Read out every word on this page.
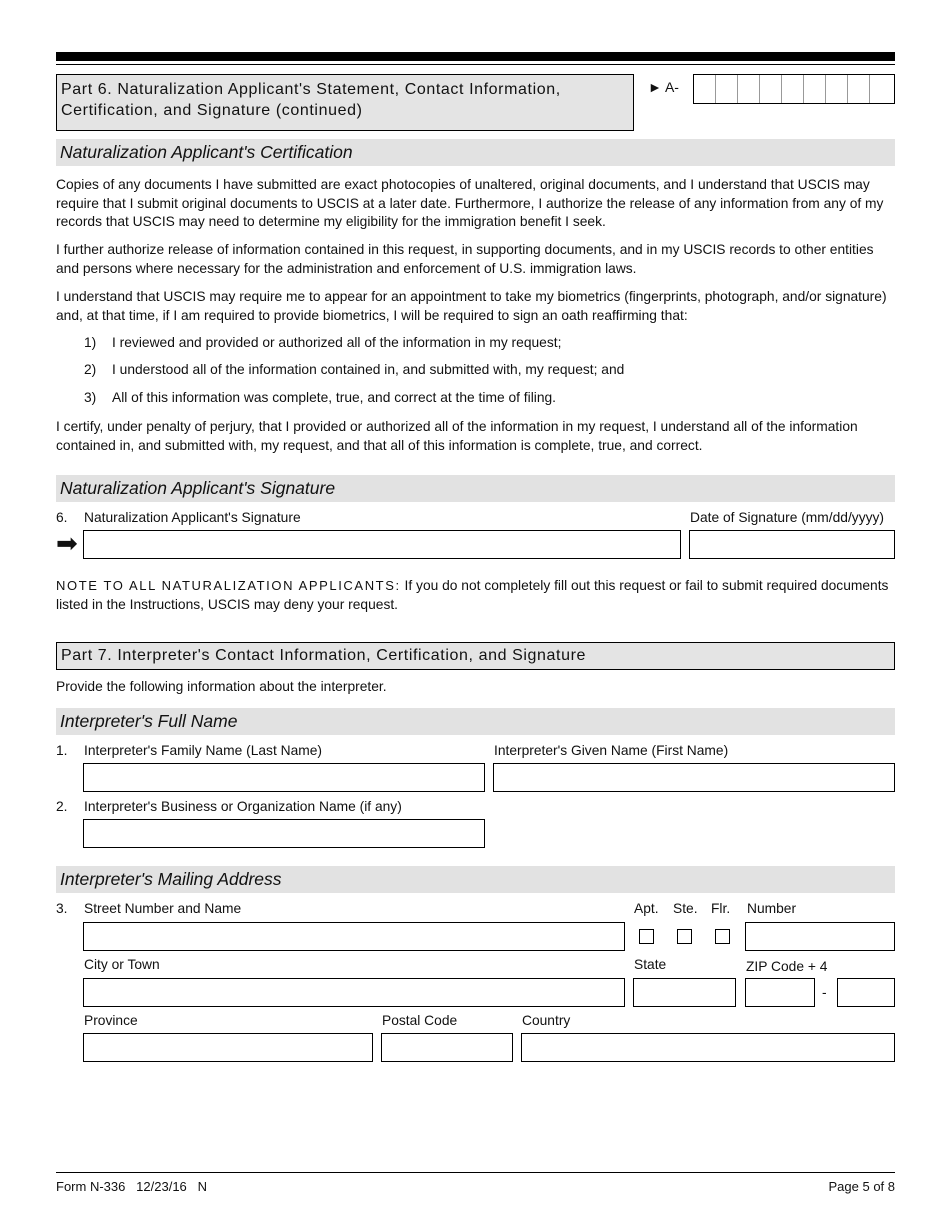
Part 6. Naturalization Applicant's Statement, Contact Information, Certification, and Signature (continued)
► A-
Naturalization Applicant's Certification
Copies of any documents I have submitted are exact photocopies of unaltered, original documents, and I understand that USCIS may require that I submit original documents to USCIS at a later date. Furthermore, I authorize the release of any information from any of my records that USCIS may need to determine my eligibility for the immigration benefit I seek.
I further authorize release of information contained in this request, in supporting documents, and in my USCIS records to other entities and persons where necessary for the administration and enforcement of U.S. immigration laws.
I understand that USCIS may require me to appear for an appointment to take my biometrics (fingerprints, photograph, and/or signature) and, at that time, if I am required to provide biometrics, I will be required to sign an oath reaffirming that:
1) I reviewed and provided or authorized all of the information in my request;
2) I understood all of the information contained in, and submitted with, my request; and
3) All of this information was complete, true, and correct at the time of filing.
I certify, under penalty of perjury, that I provided or authorized all of the information in my request, I understand all of the information contained in, and submitted with, my request, and that all of this information is complete, true, and correct.
Naturalization Applicant's Signature
6. Naturalization Applicant's Signature	Date of Signature (mm/dd/yyyy)
➡
NOTE TO ALL NATURALIZATION APPLICANTS: If you do not completely fill out this request or fail to submit required documents listed in the Instructions, USCIS may deny your request.
Part 7. Interpreter's Contact Information, Certification, and Signature
Provide the following information about the interpreter.
Interpreter's Full Name
1. Interpreter's Family Name (Last Name)	Interpreter's Given Name (First Name)
2. Interpreter's Business or Organization Name (if any)
Interpreter's Mailing Address
3. Street Number and Name	Apt. Ste. Flr. Number
City or Town	State	ZIP Code + 4
-
Province	Postal Code	Country
Form N-336   12/23/16   N	Page 5 of 8
